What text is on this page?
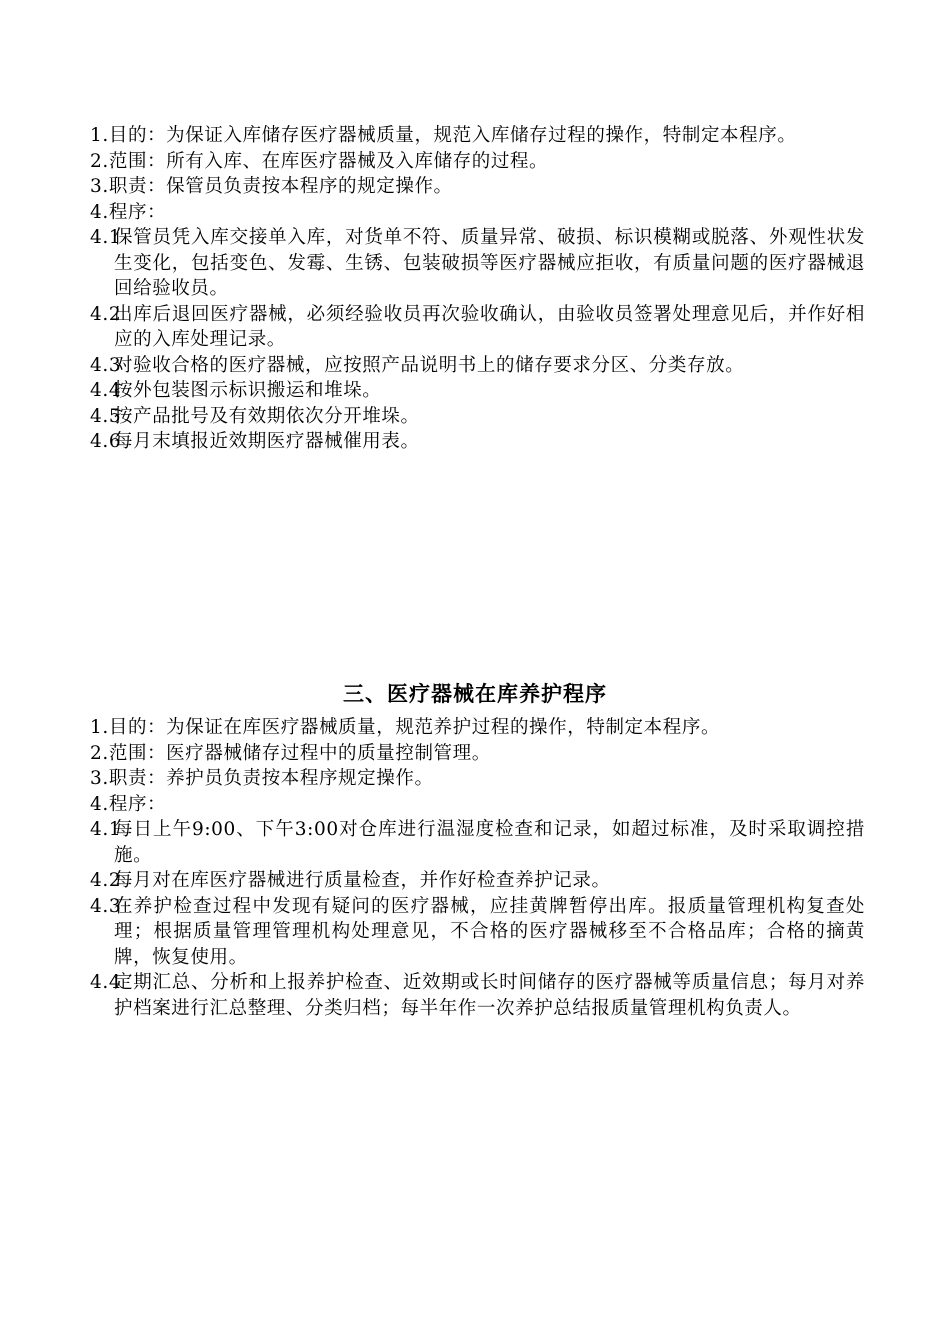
1. 目的：为保证入库储存医疗器械质量，规范入库储存过程的操作，特制定本程序。
2. 范围：所有入库、在库医疗器械及入库储存的过程。
3. 职责：保管员负责按本程序的规定操作。
4. 程序：
4.1
保管员凭入库交接单入库，对货单不符、质量异常、破损、标识模糊或脱落、外观性状发生变化，包括变色、发霉、生锈、包装破损等医疗器械应拒收，有质量问题的医疗器械退回给验收员。
4.2
出库后退回医疗器械，必须经验收员再次验收确认，由验收员签署处理意见后，并作好相应的入库处理记录。
4.3
对验收合格的医疗器械，应按照产品说明书上的储存要求分区、分类存放。
4.4
按外包装图示标识搬运和堆垛。
4.5
按产品批号及有效期依次分开堆垛。
4.6
每月末填报近效期医疗器械催用表。
三、医疗器械在库养护程序
1. 目的：为保证在库医疗器械质量，规范养护过程的操作，特制定本程序。
2. 范围：医疗器械储存过程中的质量控制管理。
3. 职责：养护员负责按本程序规定操作。
4. 程序：
4.1
每日上午9:00、下午3:00对仓库进行温湿度检查和记录，如超过标准，及时采取调控措施。
4.2
每月对在库医疗器械进行质量检查，并作好检查养护记录。
4.3
在养护检查过程中发现有疑问的医疗器械，应挂黄牌暂停出库。报质量管理机构复查处理；根据质量管理管理机构处理意见，不合格的医疗器械移至不合格品库；合格的摘黄牌，恢复使用。
4.4
定期汇总、分析和上报养护检查、近效期或长时间储存的医疗器械等质量信息；每月对养护档案进行汇总整理、分类归档；每半年作一次养护总结报质量管理机构负责人。
